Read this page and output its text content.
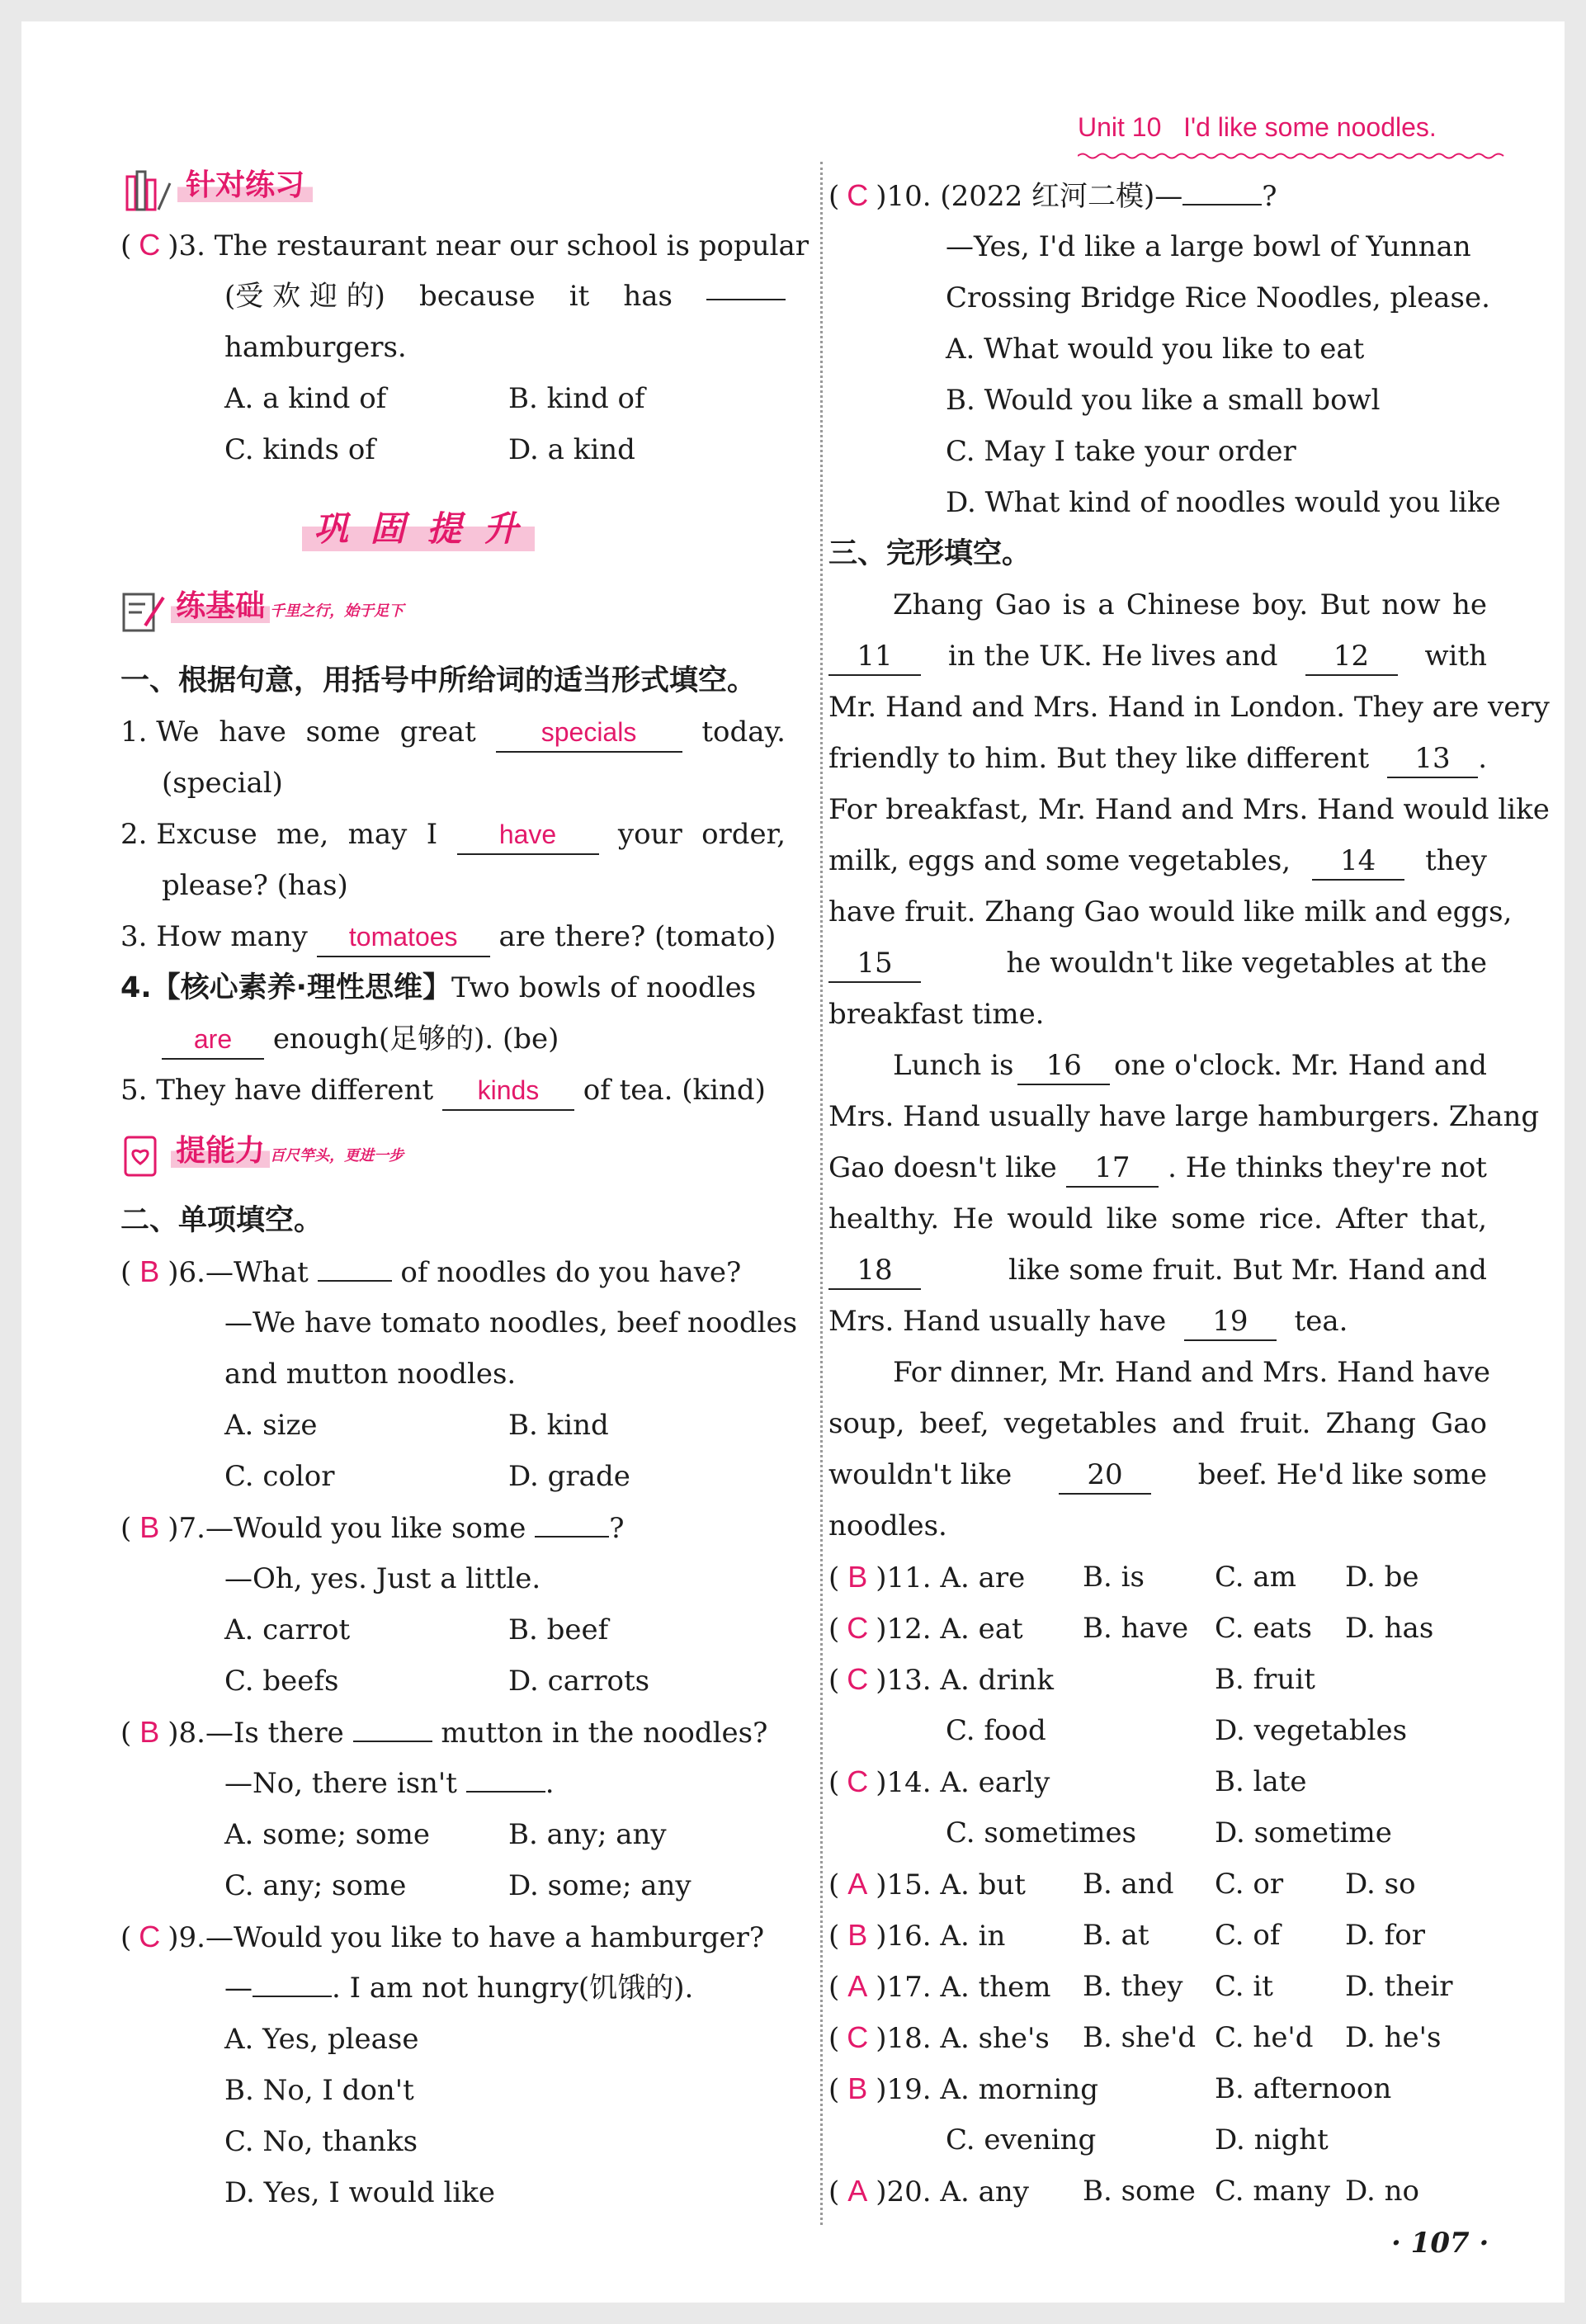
Unit 10 I'd like some noodles.
针对练习
( C )3. The restaurant near our school is popular
(受 欢 迎 的) because it has
hamburgers.
A. a kind of	B. kind of
C. kinds of	D. a kind
巩 固 提 升
练基础 千里之行，始于足下
一、根据句意，用括号中所给词的适当形式填空。
1. We have some great	specials	today.
(special)
2. Excuse me, may I	have	your order,
please? (has)
3. How many tomatoes are there? (tomato)
4.【核心素养·理性思维】Two bowls of noodles
are enough(足够的). (be)
5. They have different kinds of tea. (kind)
提能力 百尺竿头，更进一步
二、单项填空。
( B )6.—What	of noodles do you have?
—We have tomato noodles, beef noodles
and mutton noodles.
A. size	B. kind
C. color	D. grade
( B )7.—Would you like some	?
—Oh, yes. Just a little.
A. carrot	B. beef
C. beefs	D. carrots
( B )8.—Is there	mutton in the noodles?
—No, there isn't	.
A. some; some	B. any; any
C. any; some	D. some; any
( C )9.—Would you like to have a hamburger?
—	. I am not hungry(饥饿的).
A. Yes, please
B. No, I don't
C. No, thanks
D. Yes, I would like
( C )10. (2022 红河二模)—	?
—Yes, I'd like a large bowl of Yunnan
Crossing Bridge Rice Noodles, please.
A. What would you like to eat
B. Would you like a small bowl
C. May I take your order
D. What kind of noodles would you like
三、完形填空。
Zhang Gao is a Chinese boy. But now he
11	in the UK. He lives and	12	with
Mr. Hand and Mrs. Hand in London. They are very
friendly to him. But they like different
	13 .
For breakfast, Mr. Hand and Mrs. Hand would like
milk, eggs and some vegetables,	14	they
have fruit. Zhang Gao would like milk and eggs,
15	he wouldn't like vegetables at the
breakfast time.
Lunch is	16	one o'clock. Mr. Hand and
Mrs. Hand usually have large hamburgers. Zhang
Gao doesn't like	17	. He thinks they're not
healthy. He would like some rice. After that,
18	like some fruit. But Mr. Hand and
Mrs. Hand usually have
	19
	tea.
For dinner, Mr. Hand and Mrs. Hand have
soup, beef, vegetables and fruit. Zhang Gao
wouldn't like	20	beef. He'd like some
noodles.
( B )11. A. are B. is	C. am D. be
( C )12. A. eat B. have C. eats D. has
( C )13. A. drink	B. fruit
C. food	D. vegetables
( C )14. A. early	B. late
C. sometimes	D. sometime
( A )15. A. but B. and C. or D. so
( B )16. A. in	B. at C. of D. for
( A )17. A. them B. they C. it	D. their
( C )18. A. she's B. she'd C. he'd D. he's
( B )19. A. morning	B. afternoon
C. evening	D. night
( A )20. A. any B. some C. many D. no
· 107 ·
